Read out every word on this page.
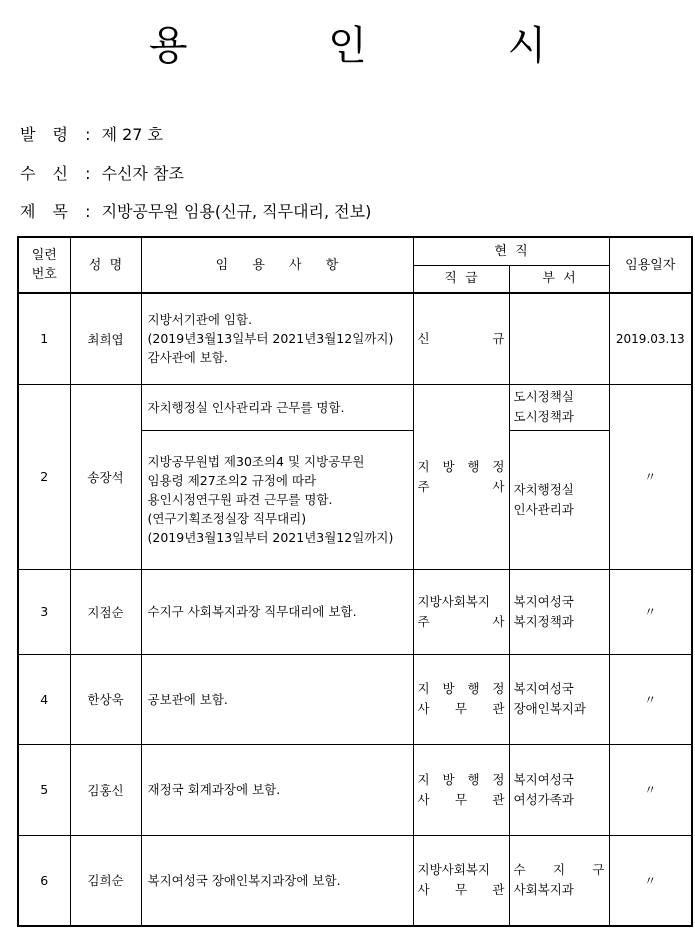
용 인 시
발 령 : 제 27 호
수 신 : 수신자 참조
제 목 : 지방공무원 임용(신규, 직무대리, 전보)
일련
번호	성  명	임 용 사 항	현  직		임용일자
			직  급	부  서	
1	최희엽	지방서기관에 임함.
(2019년3월13일부터 2021년3월12일까지)
감사관에 보함.	신      규		2019.03.13
2	송장석	자치행정실 인사관리과 근무를 명함.	지 방 행 정
주        사	도시정책실
도시정책과	〃
		지방공무원법 제30조의4 및 지방공무원
임용령 제27조의2 규정에 따라
용인시정연구원 파견 근무를 명함.
(연구기획조정실장 직무대리)
(2019년3월13일부터 2021년3월12일까지)		자치행정실
인사관리과	
3	지점순	수지구 사회복지과장 직무대리에 보함.	지방사회복지
주        사	복지여성국
복지정책과	〃
4	한상욱	공보관에 보함.	지 방 행 정
사   무   관	복지여성국
장애인복지과	〃
5	김홍신	재정국 회계과장에 보함.	지 방 행 정
사   무   관	복지여성국
여성가족과	〃
6	김희순	복지여성국 장애인복지과장에 보함.	지방사회복지
사   무   관	수  지  구
사회복지과	〃
